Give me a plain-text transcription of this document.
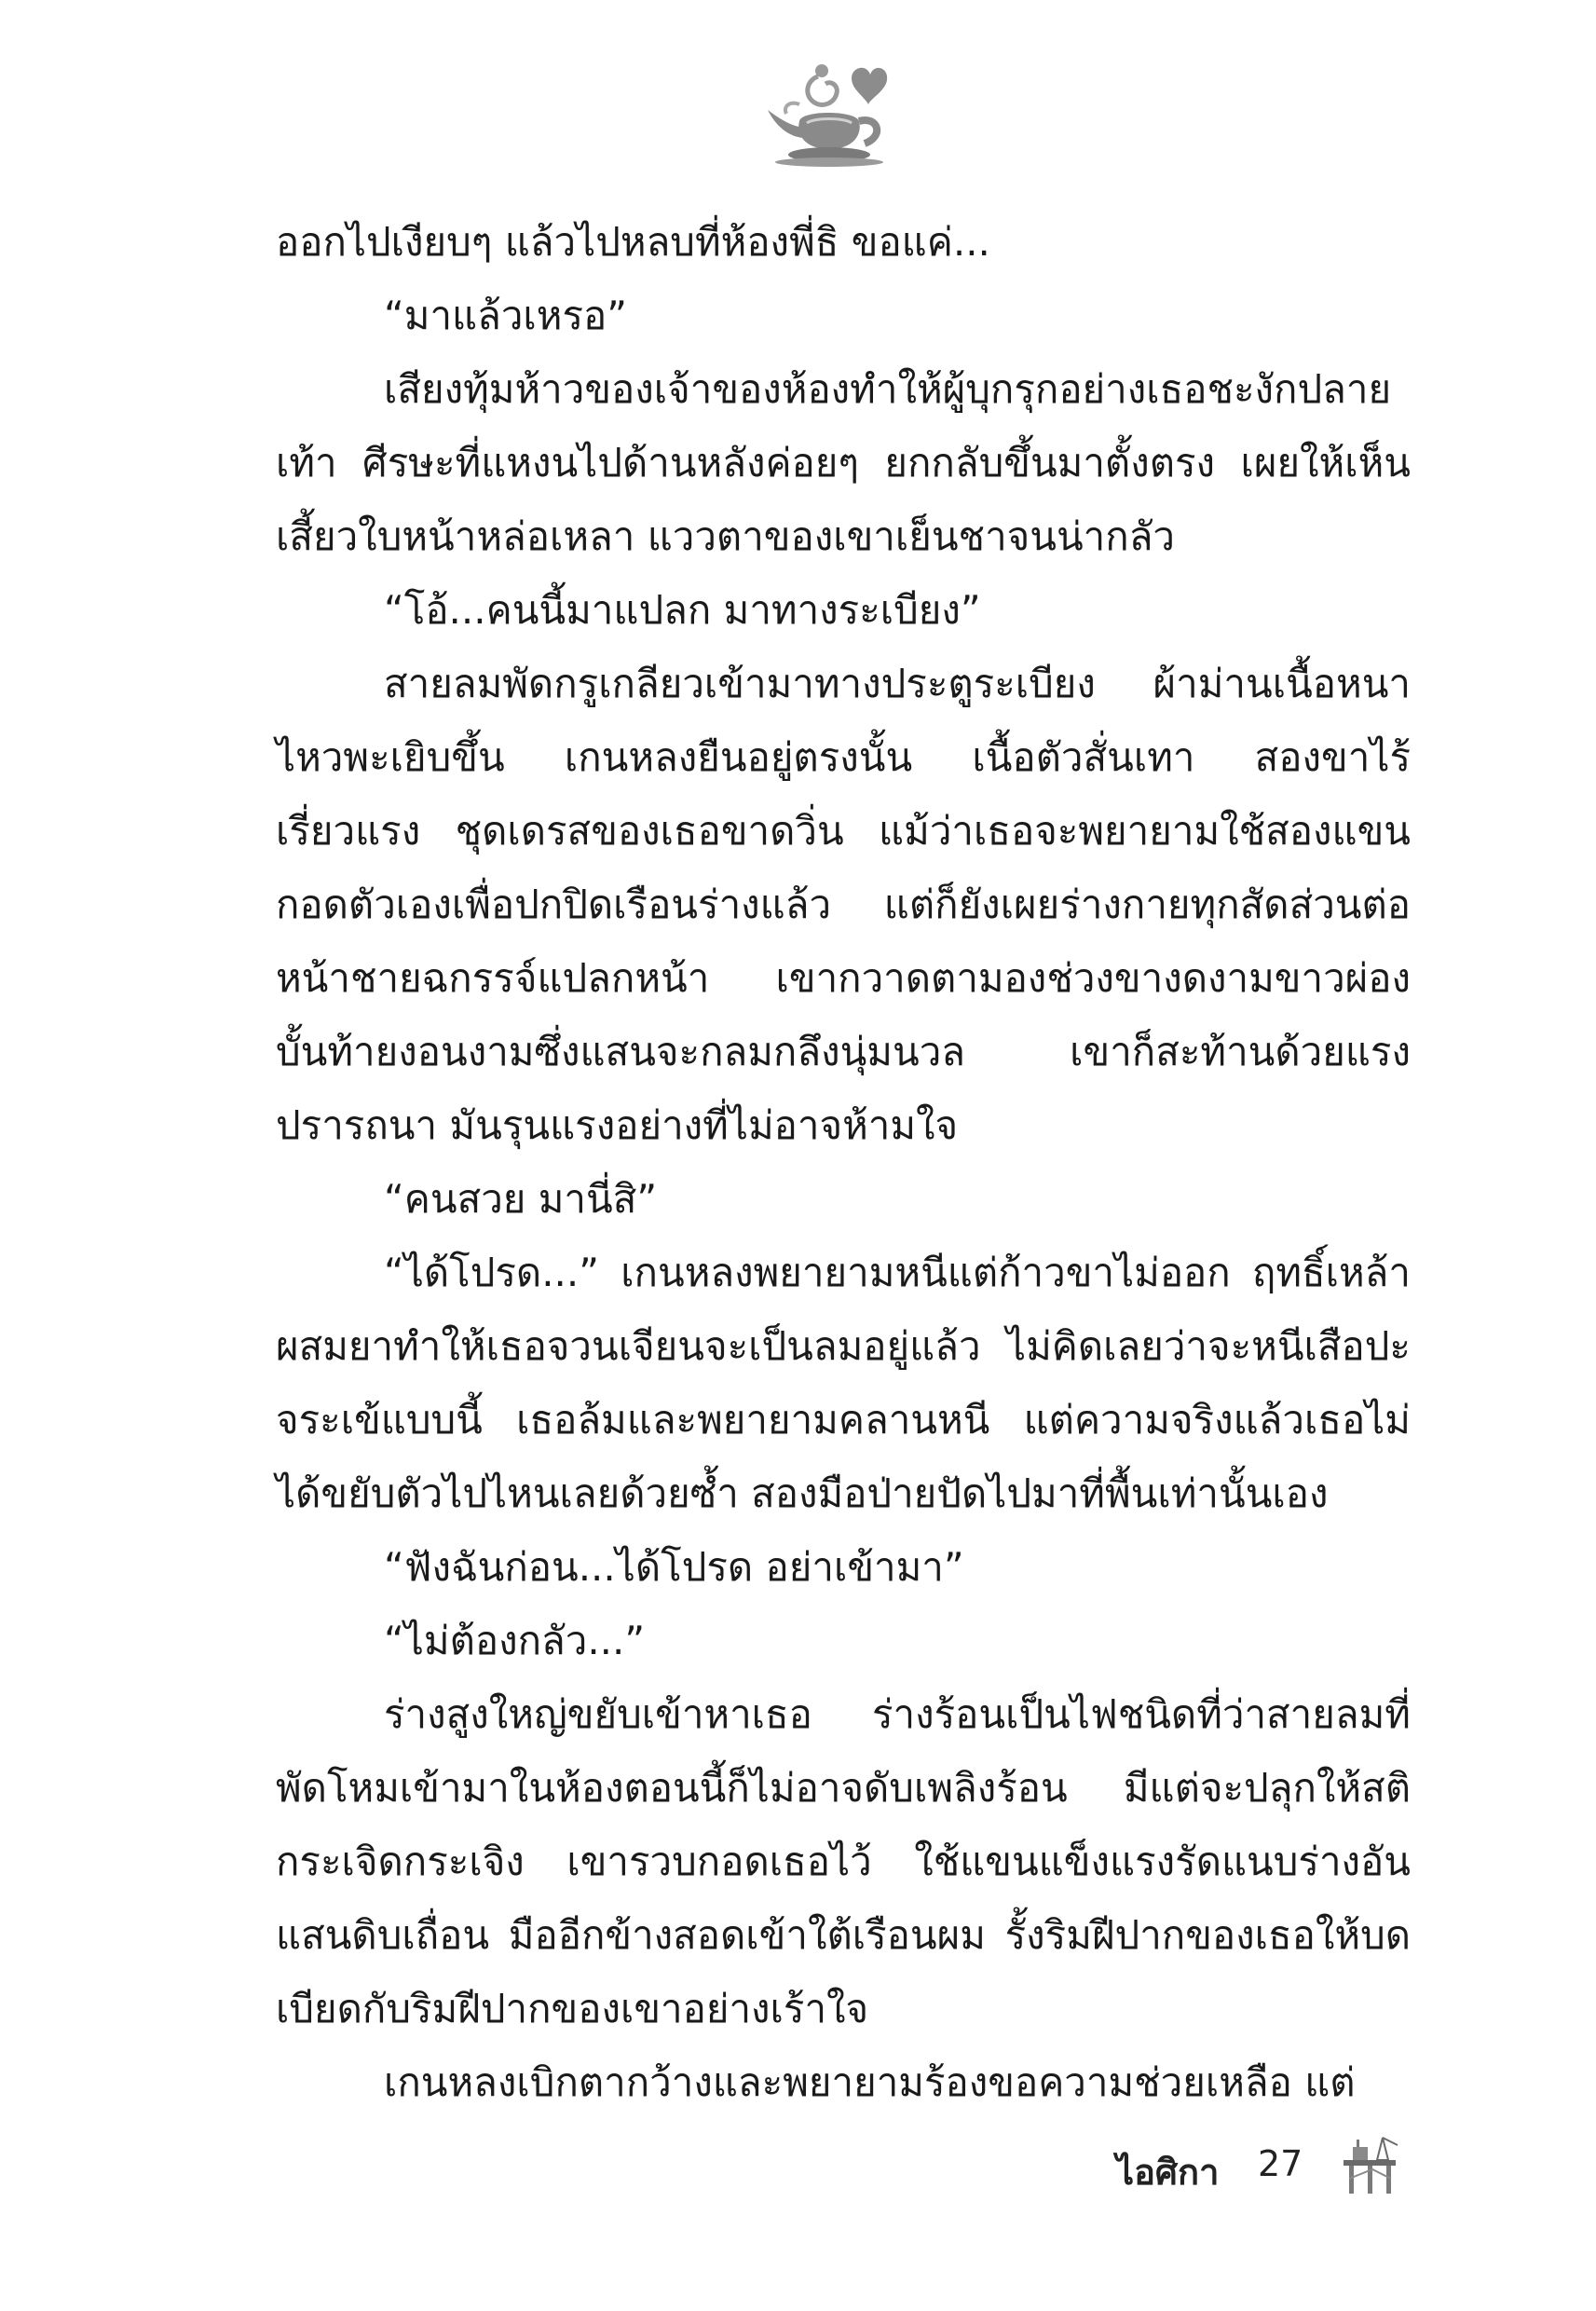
ออกไปเงียบๆ แล้วไปหลบที่ห้องพี่ธิ ขอแค่...

“มาแล้วเหรอ”

เสียงทุ้มห้าวของเจ้าของห้องทำให้ผู้บุกรุกอย่างเธอชะงักปลายเท้า ศีรษะที่แหงนไปด้านหลังค่อยๆ ยกกลับขึ้นมาตั้งตรง เผยให้เห็นเสี้ยวใบหน้าหล่อเหลา แววตาของเขาเย็นชาจนน่ากลัว

“โอ้...คนนี้มาแปลก มาทางระเบียง”

สายลมพัดกรูเกลียวเข้ามาทางประตูระเบียง ผ้าม่านเนื้อหนาไหวพะเยิบขึ้น เกนหลงยืนอยู่ตรงนั้น เนื้อตัวสั่นเทา สองขาไร้เรี่ยวแรง ชุดเดรสของเธอขาดวิ่น แม้ว่าเธอจะพยายามใช้สองแขนกอดตัวเองเพื่อปกปิดเรือนร่างแล้ว แต่ก็ยังเผยร่างกายทุกสัดส่วนต่อหน้าชายฉกรรจ์แปลกหน้า เขากวาดตามองช่วงขางดงามขาวผ่อง บั้นท้ายงอนงามซึ่งแสนจะกลมกลึงนุ่มนวล เขาก็สะท้านด้วยแรงปรารถนา มันรุนแรงอย่างที่ไม่อาจห้ามใจ

“คนสวย มานี่สิ”

“ได้โปรด...” เกนหลงพยายามหนีแต่ก้าวขาไม่ออก ฤทธิ์เหล้าผสมยาทำให้เธอจวนเจียนจะเป็นลมอยู่แล้ว ไม่คิดเลยว่าจะหนีเสือปะจระเข้แบบนี้ เธอล้มและพยายามคลานหนี แต่ความจริงแล้วเธอไม่ได้ขยับตัวไปไหนเลยด้วยซ้ำ สองมือป่ายปัดไปมาที่พื้นเท่านั้นเอง

“ฟังฉันก่อน...ได้โปรด อย่าเข้ามา”

“ไม่ต้องกลัว...”

ร่างสูงใหญ่ขยับเข้าหาเธอ ร่างร้อนเป็นไฟชนิดที่ว่าสายลมที่พัดโหมเข้ามาในห้องตอนนี้ก็ไม่อาจดับเพลิงร้อน มีแต่จะปลุกให้สติกระเจิดกระเจิง เขารวบกอดเธอไว้ ใช้แขนแข็งแรงรัดแนบร่างอันแสนดิบเถื่อน มืออีกข้างสอดเข้าใต้เรือนผม รั้งริมฝีปากของเธอให้บดเบียดกับริมฝีปากของเขาอย่างเร้าใจ

เกนหลงเบิกตากว้างและพยายามร้องขอความช่วยเหลือ แต่

ไอศิกา 27
